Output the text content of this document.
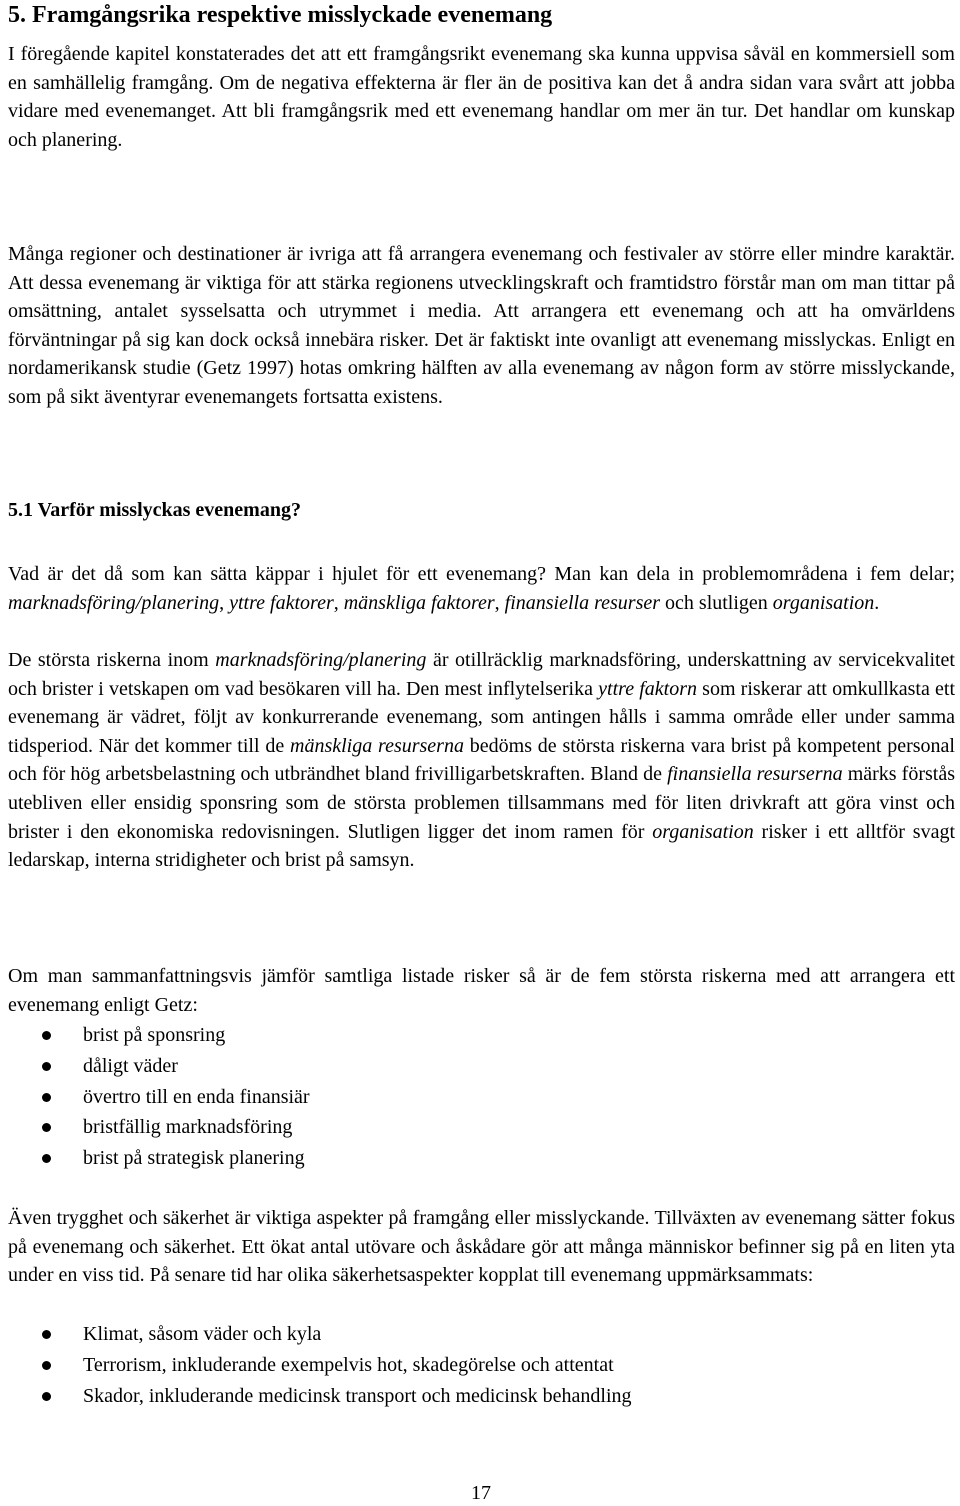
5. Framgångsrika respektive misslyckade evenemang

I föregående kapitel konstaterades det att ett framgångsrikt evenemang ska kunna uppvisa såväl en kommersiell som en samhällelig framgång. Om de negativa effekterna är fler än de positiva kan det å andra sidan vara svårt att jobba vidare med evenemanget. Att bli framgångsrik med ett evenemang handlar om mer än tur. Det handlar om kunskap och planering.

Många regioner och destinationer är ivriga att få arrangera evenemang och festivaler av större eller mindre karaktär. Att dessa evenemang är viktiga för att stärka regionens utvecklingskraft och framtidstro förstår man om man tittar på omsättning, antalet sysselsatta och utrymmet i media. Att arrangera ett evenemang och att ha omvärldens förväntningar på sig kan dock också innebära risker. Det är faktiskt inte ovanligt att evenemang misslyckas. Enligt en nordamerikansk studie (Getz 1997) hotas omkring hälften av alla evenemang av någon form av större misslyckande, som på sikt äventyrar evenemangets fortsatta existens.

5.1 Varför misslyckas evenemang?

Vad är det då som kan sätta käppar i hjulet för ett evenemang? Man kan dela in problemområdena i fem delar; marknadsföring/planering, yttre faktorer, mänskliga faktorer, finansiella resurser och slutligen organisation.

De största riskerna inom marknadsföring/planering är otillräcklig marknadsföring, underskattning av servicekvalitet och brister i vetskapen om vad besökaren vill ha. Den mest inflytelserika yttre faktorn som riskerar att omkullkasta ett evenemang är vädret, följt av konkurrerande evenemang, som antingen hålls i samma område eller under samma tidsperiod. När det kommer till de mänskliga resurserna bedöms de största riskerna vara brist på kompetent personal och för hög arbetsbelastning och utbrändhet bland frivilligarbetskraften. Bland de finansiella resurserna märks förstås utebliven eller ensidig sponsring som de största problemen tillsammans med för liten drivkraft att göra vinst och brister i den ekonomiska redovisningen. Slutligen ligger det inom ramen för organisation risker i ett alltför svagt ledarskap, interna stridigheter och brist på samsyn.

Om man sammanfattningsvis jämför samtliga listade risker så är de fem största riskerna med att arrangera ett evenemang enligt Getz:

brist på sponsring
dåligt väder
övertro till en enda finansiär
bristfällig marknadsföring
brist på strategisk planering

Även trygghet och säkerhet är viktiga aspekter på framgång eller misslyckande. Tillväxten av evenemang sätter fokus på evenemang och säkerhet. Ett ökat antal utövare och åskådare gör att många människor befinner sig på en liten yta under en viss tid. På senare tid har olika säkerhetsaspekter kopplat till evenemang uppmärksammats:

Klimat, såsom väder och kyla
Terrorism, inkluderande exempelvis hot, skadegörelse och attentat
Skador, inkluderande medicinsk transport och medicinsk behandling
17
